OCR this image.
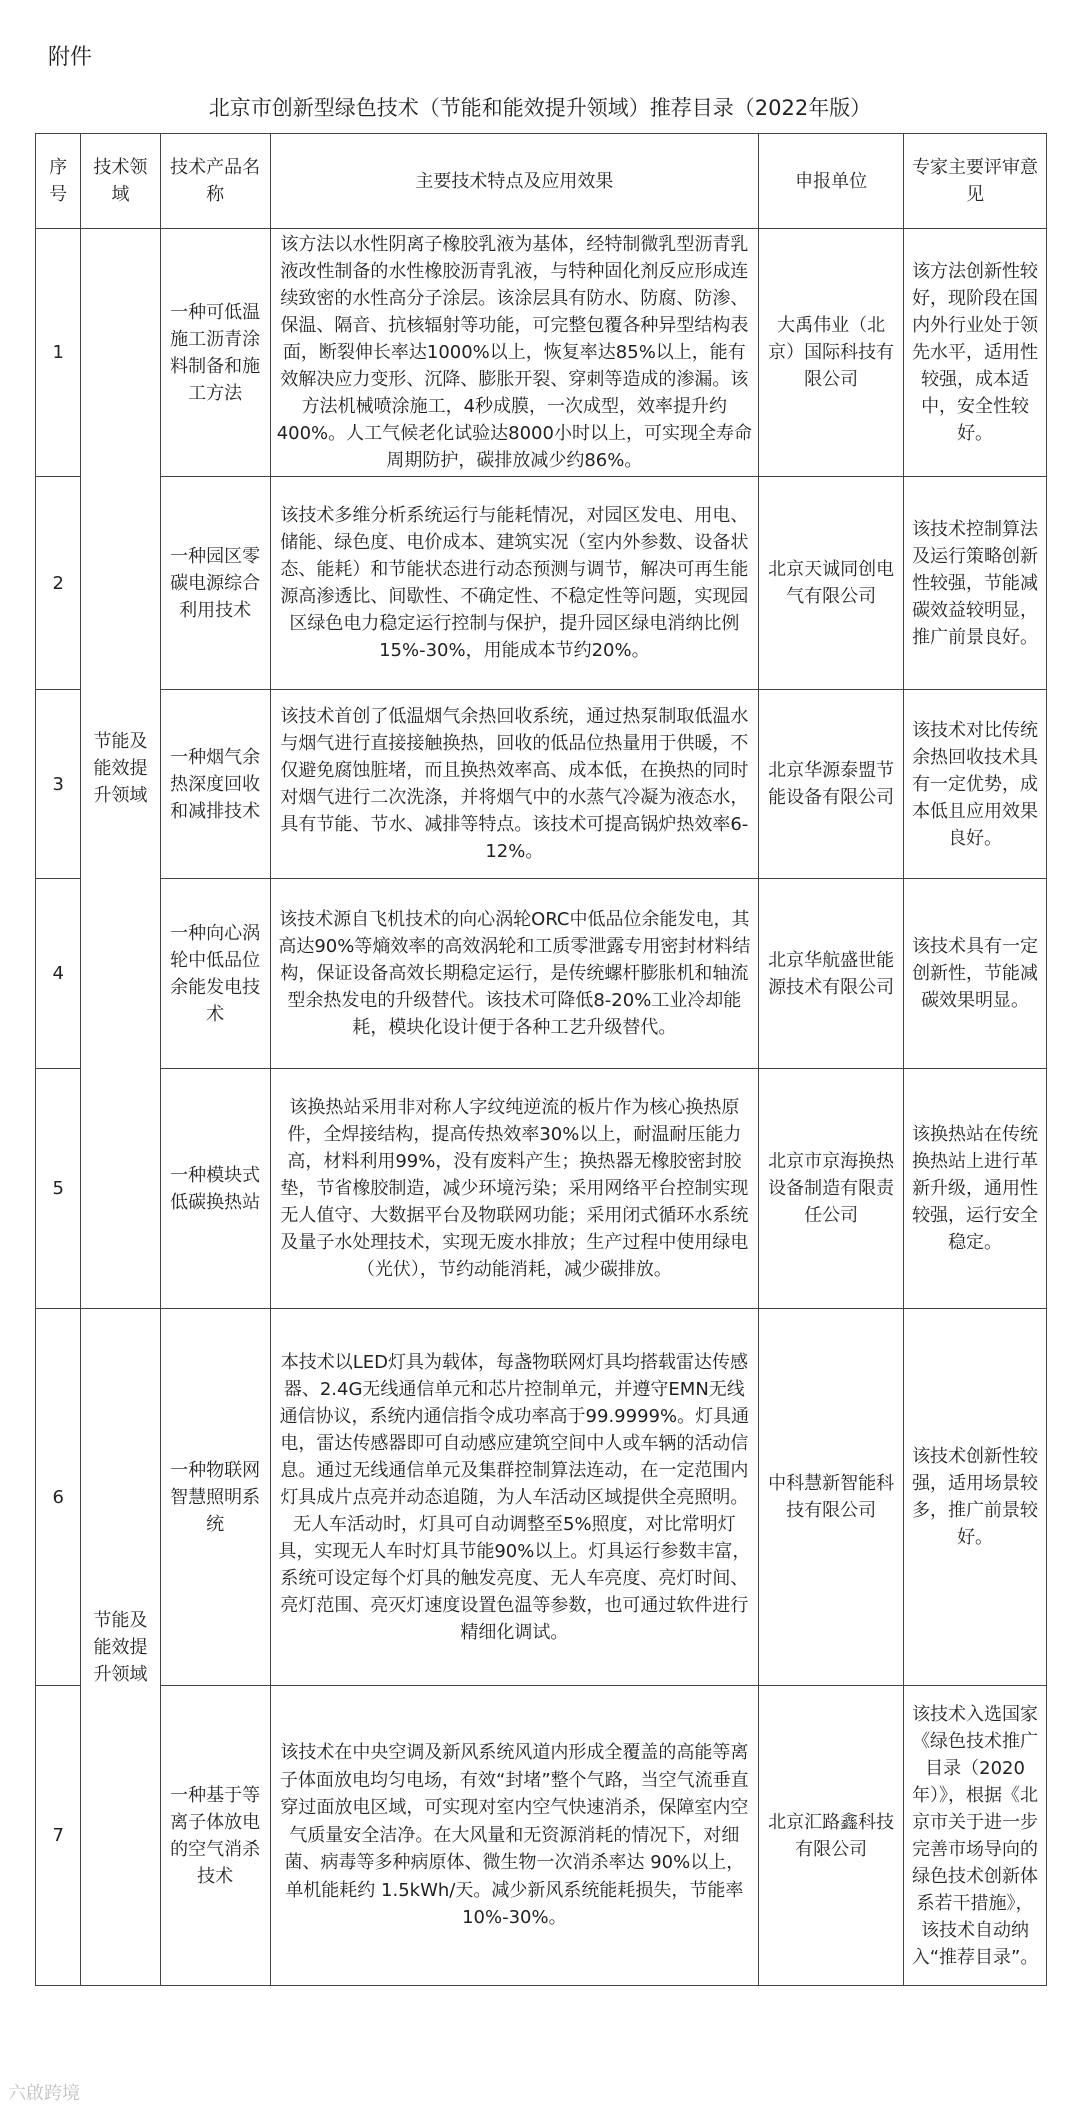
附件
北京市创新型绿色技术（节能和能效提升领域）推荐目录（2022年版）
序号	技术领域	技术产品名称	主要技术特点及应用效果	申报单位	专家主要评审意见
1	节能及能效提升领域	一种可低温施工沥青涂料制备和施工方法	该方法以水性阴离子橡胶乳液为基体，经特制微乳型沥青乳液改性制备的水性橡胶沥青乳液，与特种固化剂反应形成连续致密的水性高分子涂层。该涂层具有防水、防腐、防渗、保温、隔音、抗核辐射等功能，可完整包覆各种异型结构表面，断裂伸长率达1000%以上，恢复率达85%以上，能有效解决应力变形、沉降、膨胀开裂、穿刺等造成的渗漏。该方法机械喷涂施工，4秒成膜，一次成型，效率提升约400%。人工气候老化试验达8000小时以上，可实现全寿命周期防护，碳排放减少约86%。	大禹伟业（北京）国际科技有限公司	该方法创新性较好，现阶段在国内外行业处于领先水平，适用性较强，成本适中，安全性较好。
2		一种园区零碳电源综合利用技术	该技术多维分析系统运行与能耗情况，对园区发电、用电、储能、绿色度、电价成本、建筑实况（室内外参数、设备状态、能耗）和节能状态进行动态预测与调节，解决可再生能源高渗透比、间歇性、不确定性、不稳定性等问题，实现园区绿色电力稳定运行控制与保护，提升园区绿电消纳比例15%-30%，用能成本节约20%。	北京天诚同创电气有限公司	该技术控制算法及运行策略创新性较强，节能减碳效益较明显，推广前景良好。
3		一种烟气余热深度回收和减排技术	该技术首创了低温烟气余热回收系统，通过热泵制取低温水与烟气进行直接接触换热，回收的低品位热量用于供暖，不仅避免腐蚀脏堵，而且换热效率高、成本低，在换热的同时对烟气进行二次洗涤，并将烟气中的水蒸气冷凝为液态水，具有节能、节水、减排等特点。该技术可提高锅炉热效率6-12%。	北京华源泰盟节能设备有限公司	该技术对比传统余热回收技术具有一定优势，成本低且应用效果良好。
4		一种向心涡轮中低品位余能发电技术	该技术源自飞机技术的向心涡轮ORC中低品位余能发电，其高达90%等熵效率的高效涡轮和工质零泄露专用密封材料结构，保证设备高效长期稳定运行，是传统螺杆膨胀机和轴流型余热发电的升级替代。该技术可降低8-20%工业冷却能耗，模块化设计便于各种工艺升级替代。	北京华航盛世能源技术有限公司	该技术具有一定创新性，节能减碳效果明显。
5		一种模块式低碳换热站	该换热站采用非对称人字纹纯逆流的板片作为核心换热原件，全焊接结构，提高传热效率30%以上，耐温耐压能力高，材料利用99%，没有废料产生；换热器无橡胶密封胶垫，节省橡胶制造，减少环境污染；采用网络平台控制实现无人值守、大数据平台及物联网功能；采用闭式循环水系统及量子水处理技术，实现无废水排放；生产过程中使用绿电（光伏），节约动能消耗，减少碳排放。	北京市京海换热设备制造有限责任公司	该换热站在传统换热站上进行革新升级，通用性较强，运行安全稳定。
6	节能及能效提升领域	一种物联网智慧照明系统	本技术以LED灯具为载体，每盏物联网灯具均搭载雷达传感器、2.4G无线通信单元和芯片控制单元，并遵守EMN无线通信协议，系统内通信指令成功率高于99.9999%。灯具通电，雷达传感器即可自动感应建筑空间中人或车辆的活动信息。通过无线通信单元及集群控制算法连动，在一定范围内灯具成片点亮并动态追随，为人车活动区域提供全亮照明。无人车活动时，灯具可自动调整至5%照度，对比常明灯具，实现无人车时灯具节能90%以上。灯具运行参数丰富，系统可设定每个灯具的触发亮度、无人车亮度、亮灯时间、亮灯范围、亮灭灯速度设置色温等参数，也可通过软件进行精细化调试。	中科慧新智能科技有限公司	该技术创新性较强，适用场景较多，推广前景较好。
7		一种基于等离子体放电的空气消杀技术	该技术在中央空调及新风系统风道内形成全覆盖的高能等离子体面放电均匀电场，有效“封堵”整个气路，当空气流垂直穿过面放电区域，可实现对室内空气快速消杀，保障室内空气质量安全洁净。在大风量和无资源消耗的情况下，对细菌、病毒等多种病原体、微生物一次消杀率达 90%以上，单机能耗约 1.5kWh/天。减少新风系统能耗损失，节能率10%-30%。	北京汇路鑫科技有限公司	该技术入选国家《绿色技术推广目录（2020年）》，根据《北京市关于进一步完善市场导向的绿色技术创新体系若干措施》，该技术自动纳入“推荐目录”。
六啟跨境
